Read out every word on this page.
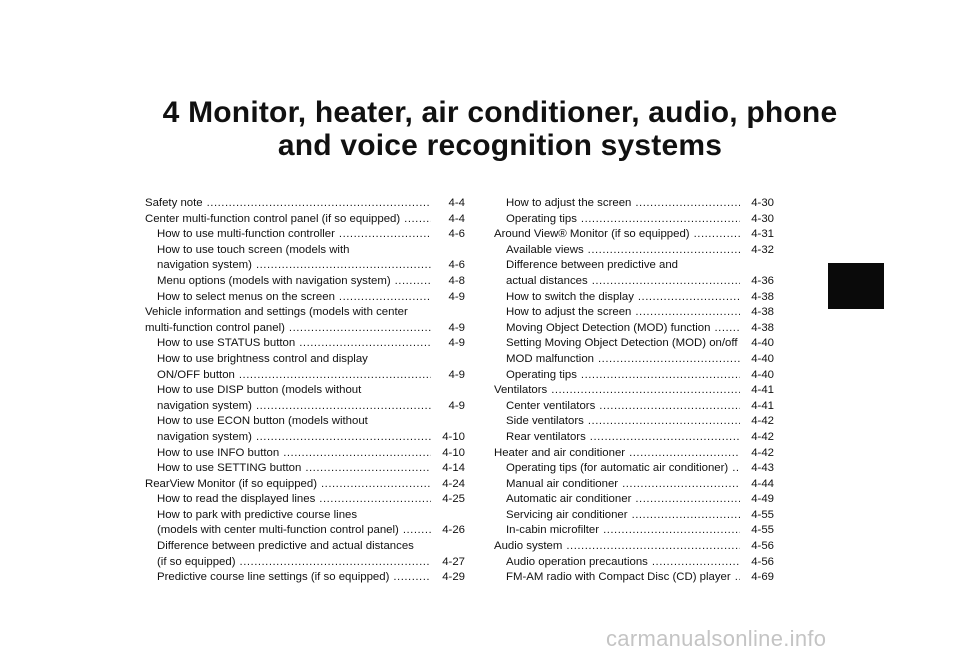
4 Monitor, heater, air conditioner, audio, phone
and voice recognition systems
Safety note .....	4-4
Center multi-function control panel (if so equipped) .....	4-4
How to use multi-function controller .....	4-6
How to use touch screen (models with
navigation system) .....	4-6
Menu options (models with navigation system) .....	4-8
How to select menus on the screen .....	4-9
Vehicle information and settings (models with center
multi-function control panel) .....	4-9
How to use STATUS button .....	4-9
How to use brightness control and display
ON/OFF button .....	4-9
How to use DISP button (models without
navigation system) .....	4-9
How to use ECON button (models without
navigation system) .....	4-10
How to use INFO button .....	4-10
How to use SETTING button .....	4-14
RearView Monitor (if so equipped) .....	4-24
How to read the displayed lines .....	4-25
How to park with predictive course lines
(models with center multi-function control panel) .....	4-26
Difference between predictive and actual distances
(if so equipped) .....	4-27
Predictive course line settings (if so equipped) .....	4-29
How to adjust the screen .....	4-30
Operating tips .....	4-30
Around View® Monitor (if so equipped) .....	4-31
Available views .....	4-32
Difference between predictive and
actual distances .....	4-36
How to switch the display .....	4-38
How to adjust the screen .....	4-38
Moving Object Detection (MOD) function .....	4-38
Setting Moving Object Detection (MOD) on/off ..... 4-40
MOD malfunction .....	4-40
Operating tips .....	4-40
Ventilators .....	4-41
Center ventilators .....	4-41
Side ventilators .....	4-42
Rear ventilators .....	4-42
Heater and air conditioner .....	4-42
Operating tips (for automatic air conditioner) .....	4-43
Manual air conditioner .....	4-44
Automatic air conditioner .....	4-49
Servicing air conditioner .....	4-55
In-cabin microfilter .....	4-55
Audio system .....	4-56
Audio operation precautions .....	4-56
FM-AM radio with Compact Disc (CD) player .....	4-69
carmanualsonline.info
